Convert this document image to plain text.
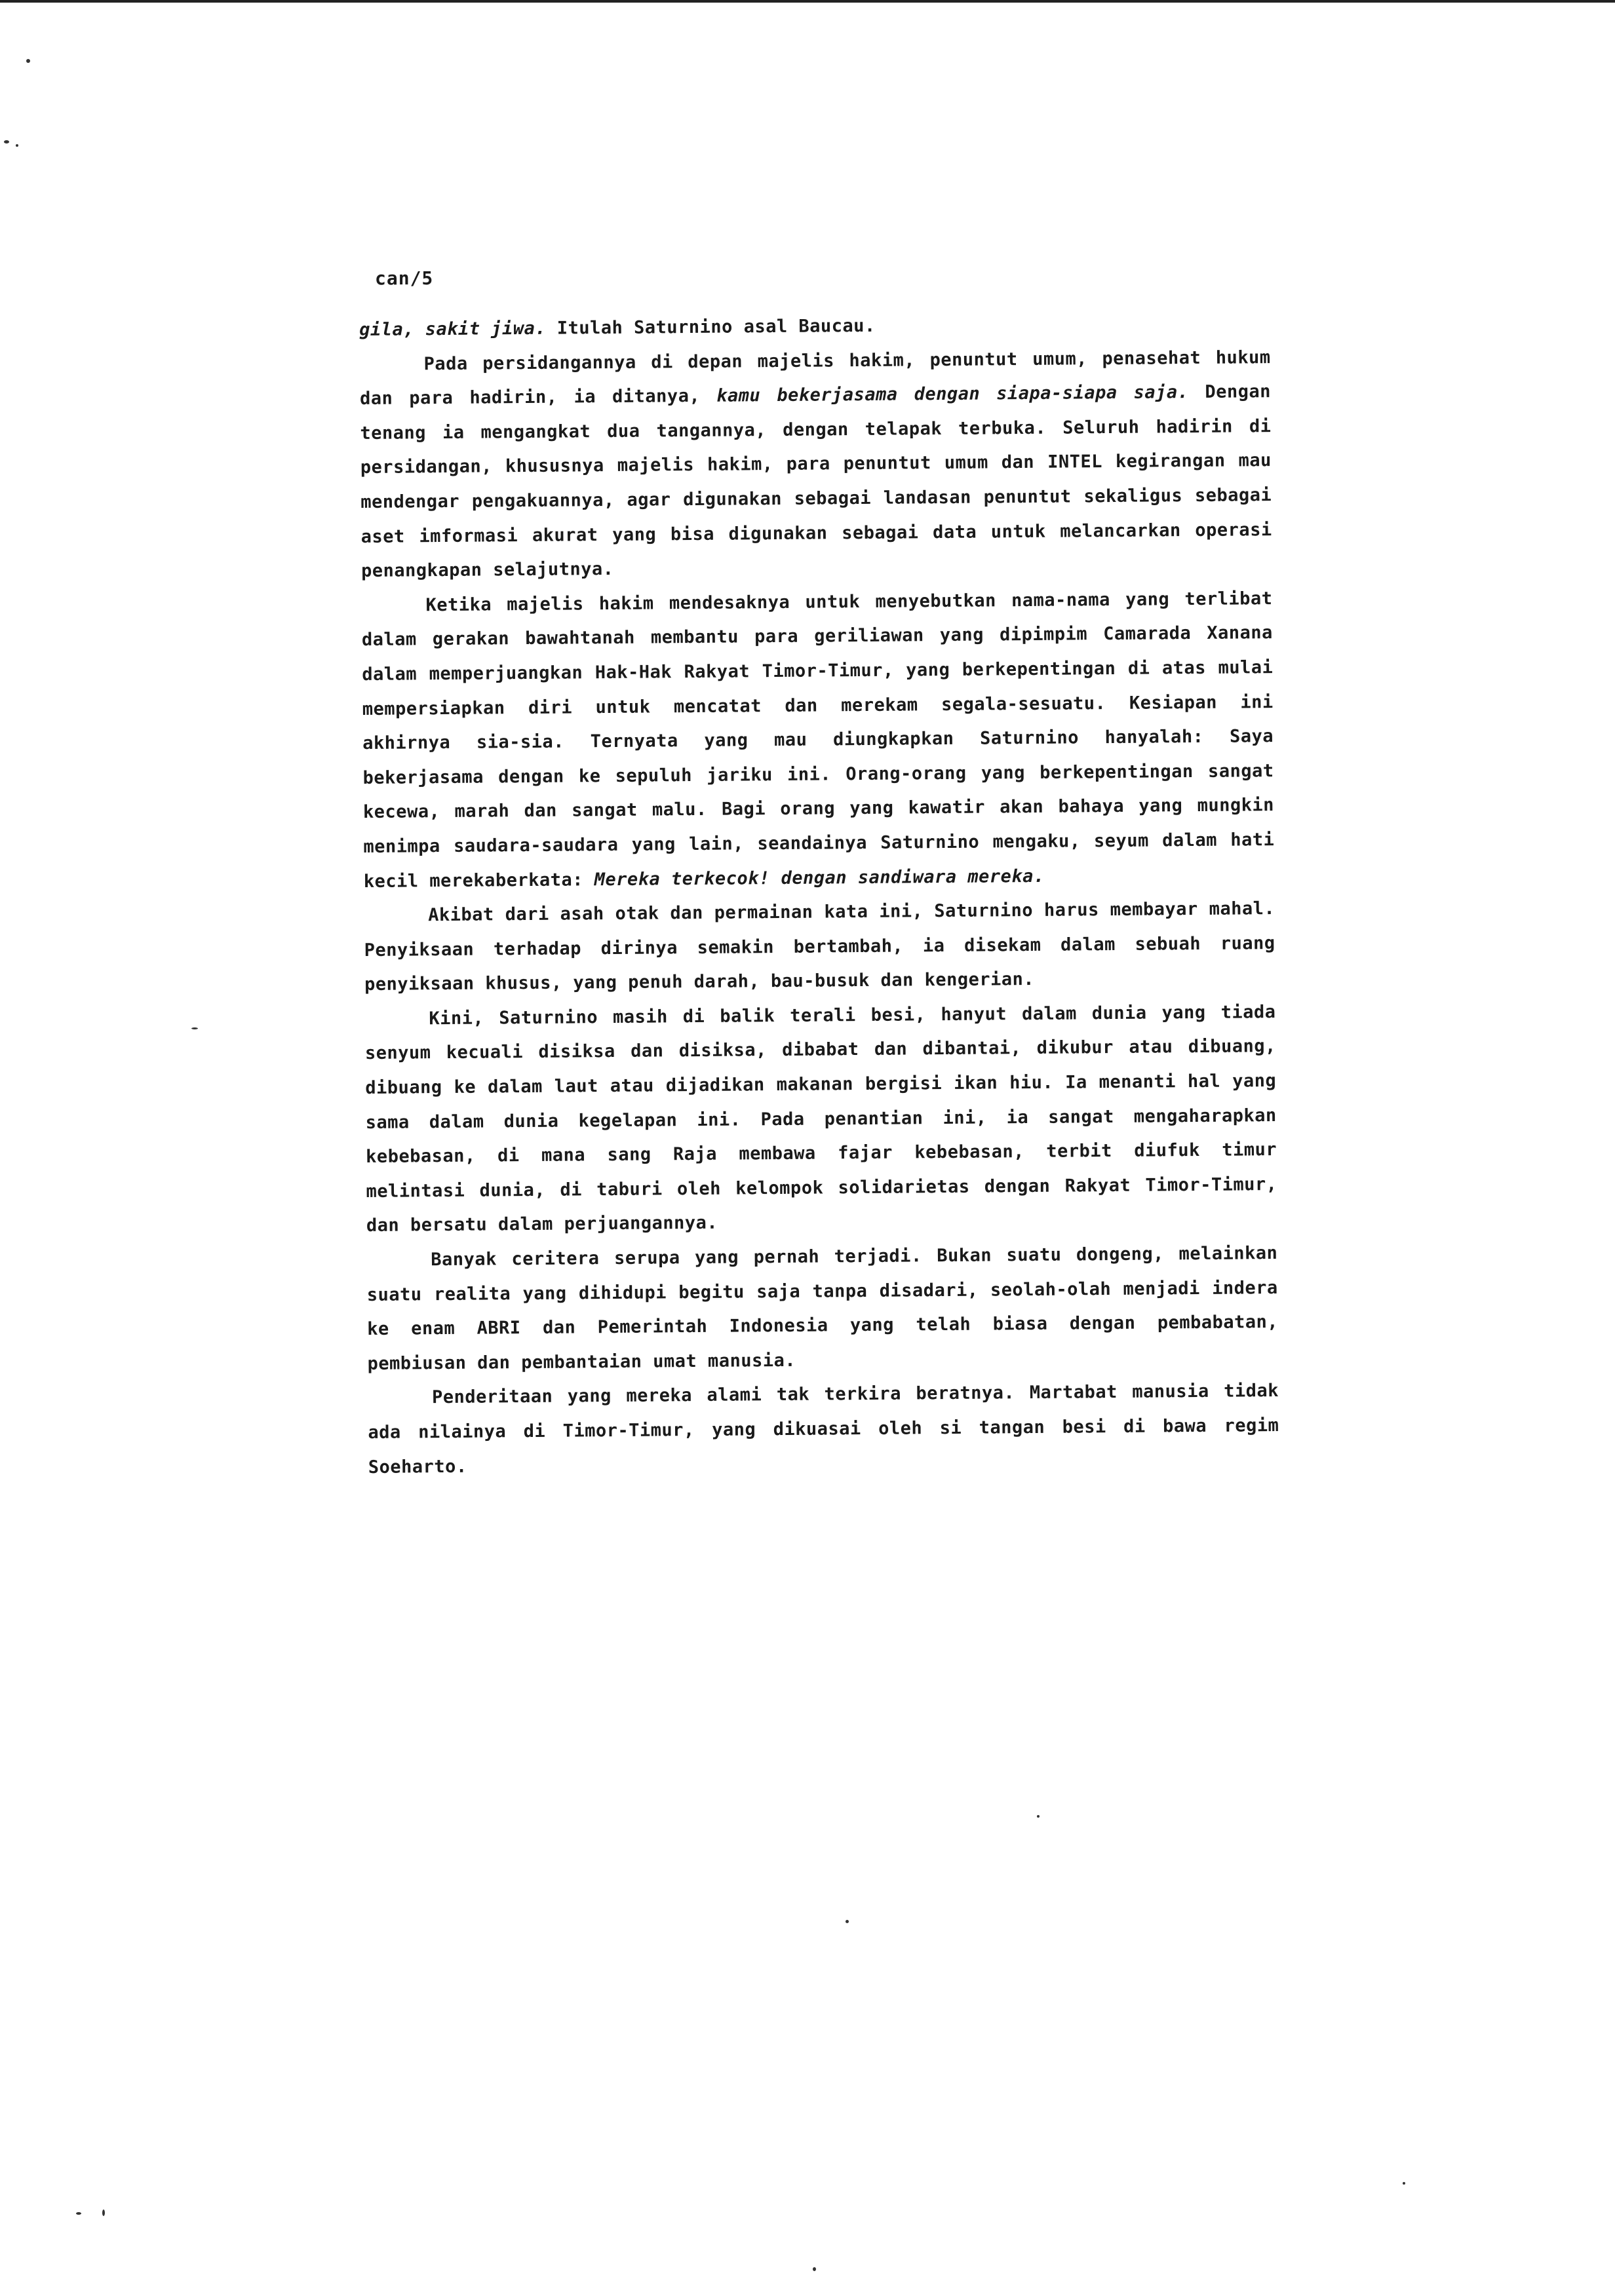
can/5

gila, sakit jiwa. Itulah Saturnino asal Baucau.

Pada persidangannya di depan majelis hakim, penuntut umum, penasehat hukum dan para hadirin, ia ditanya, kamu bekerjasama dengan siapa-siapa saja. Dengan tenang ia mengangkat dua tangannya, dengan telapak terbuka. Seluruh hadirin di persidangan, khususnya majelis hakim, para penuntut umum dan INTEL kegirangan mau mendengar pengakuannya, agar digunakan sebagai landasan penuntut sekaligus sebagai aset imformasi akurat yang bisa digunakan sebagai data untuk melancarkan operasi penangkapan selajutnya.

Ketika majelis hakim mendesaknya untuk menyebutkan nama-nama yang terlibat dalam gerakan bawahtanah membantu para geriliawan yang dipimpim Camarada Xanana dalam memperjuangkan Hak-Hak Rakyat Timor-Timur, yang berkepentingan di atas mulai mempersiapkan diri untuk mencatat dan merekam segala-sesuatu. Kesiapan ini akhirnya sia-sia. Ternyata yang mau diungkapkan Saturnino hanyalah: Saya bekerjasama dengan ke sepuluh jariku ini. Orang-orang yang berkepentingan sangat kecewa, marah dan sangat malu. Bagi orang yang kawatir akan bahaya yang mungkin menimpa saudara-saudara yang lain, seandainya Saturnino mengaku, seyum dalam hati kecil merekaberkata: Mereka terkecok! dengan sandiwara mereka.

Akibat dari asah otak dan permainan kata ini, Saturnino harus membayar mahal. Penyiksaan terhadap dirinya semakin bertambah, ia disekam dalam sebuah ruang penyiksaan khusus, yang penuh darah, bau-busuk dan kengerian.

Kini, Saturnino masih di balik terali besi, hanyut dalam dunia yang tiada senyum kecuali disiksa dan disiksa, dibabat dan dibantai, dikubur atau dibuang, dibuang ke dalam laut atau dijadikan makanan bergisi ikan hiu. Ia menanti hal yang sama dalam dunia kegelapan ini. Pada penantian ini, ia sangat mengaharapkan kebebasan, di mana sang Raja membawa fajar kebebasan, terbit diufuk timur melintasi dunia, di taburi oleh kelompok solidarietas dengan Rakyat Timor-Timur, dan bersatu dalam perjuangannya.

Banyak ceritera serupa yang pernah terjadi. Bukan suatu dongeng, melainkan suatu realita yang dihidupi begitu saja tanpa disadari, seolah-olah menjadi indera ke enam ABRI dan Pemerintah Indonesia yang telah biasa dengan pembabatan, pembiusan dan pembantaian umat manusia.

Penderitaan yang mereka alami tak terkira beratnya. Martabat manusia tidak ada nilainya di Timor-Timur, yang dikuasai oleh si tangan besi di bawa regim Soeharto.
